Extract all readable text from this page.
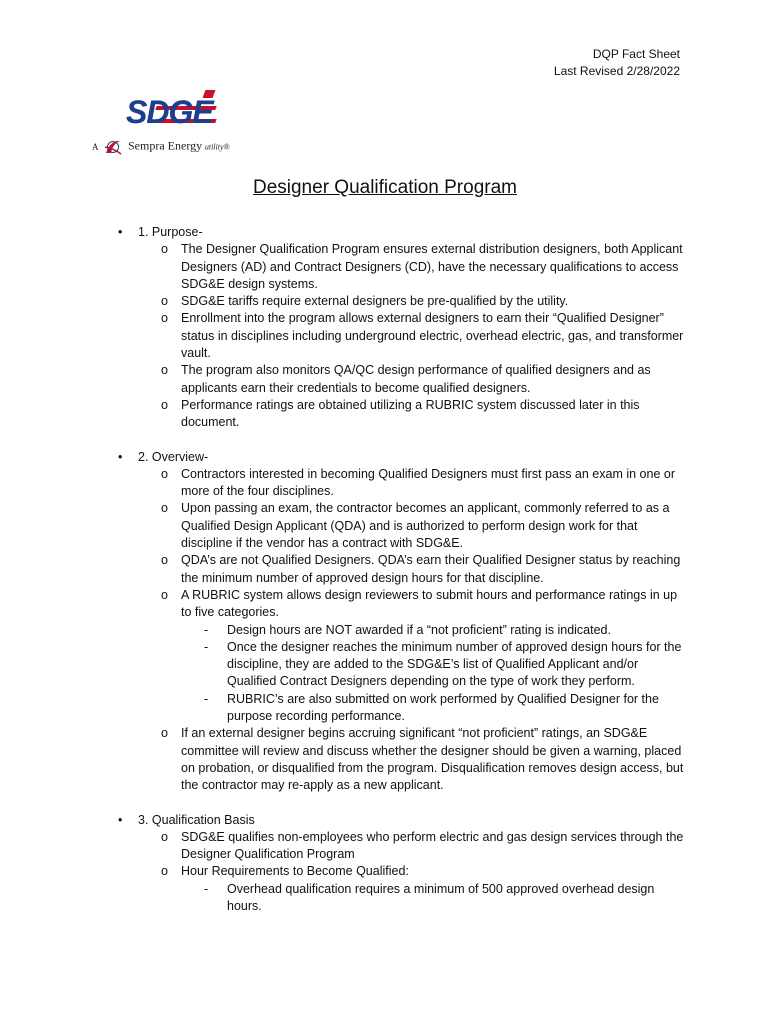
DQP Fact Sheet
Last Revised 2/28/2022
SDGE
A Sempra Energy utility®
Designer Qualification Program
• 1. Purpose-
o The Designer Qualification Program ensures external distribution designers, both Applicant Designers (AD) and Contract Designers (CD), have the necessary qualifications to access SDG&E design systems.
o SDG&E tariffs require external designers be pre-qualified by the utility.
o Enrollment into the program allows external designers to earn their “Qualified Designer” status in disciplines including underground electric, overhead electric, gas, and transformer vault.
o The program also monitors QA/QC design performance of qualified designers and as applicants earn their credentials to become qualified designers.
o Performance ratings are obtained utilizing a RUBRIC system discussed later in this document.
• 2. Overview-
o Contractors interested in becoming Qualified Designers must first pass an exam in one or more of the four disciplines.
o Upon passing an exam, the contractor becomes an applicant, commonly referred to as a Qualified Design Applicant (QDA) and is authorized to perform design work for that discipline if the vendor has a contract with SDG&E.
o QDA’s are not Qualified Designers. QDA’s earn their Qualified Designer status by reaching the minimum number of approved design hours for that discipline.
o A RUBRIC system allows design reviewers to submit hours and performance ratings in up to five categories.
- Design hours are NOT awarded if a “not proficient” rating is indicated.
- Once the designer reaches the minimum number of approved design hours for the discipline, they are added to the SDG&E’s list of Qualified Applicant and/or Qualified Contract Designers depending on the type of work they perform.
- RUBRIC’s are also submitted on work performed by Qualified Designer for the purpose recording performance.
o If an external designer begins accruing significant “not proficient” ratings, an SDG&E committee will review and discuss whether the designer should be given a warning, placed on probation, or disqualified from the program. Disqualification removes design access, but the contractor may re-apply as a new applicant.
• 3. Qualification Basis
o SDG&E qualifies non-employees who perform electric and gas design services through the Designer Qualification Program
o Hour Requirements to Become Qualified:
- Overhead qualification requires a minimum of 500 approved overhead design hours.
